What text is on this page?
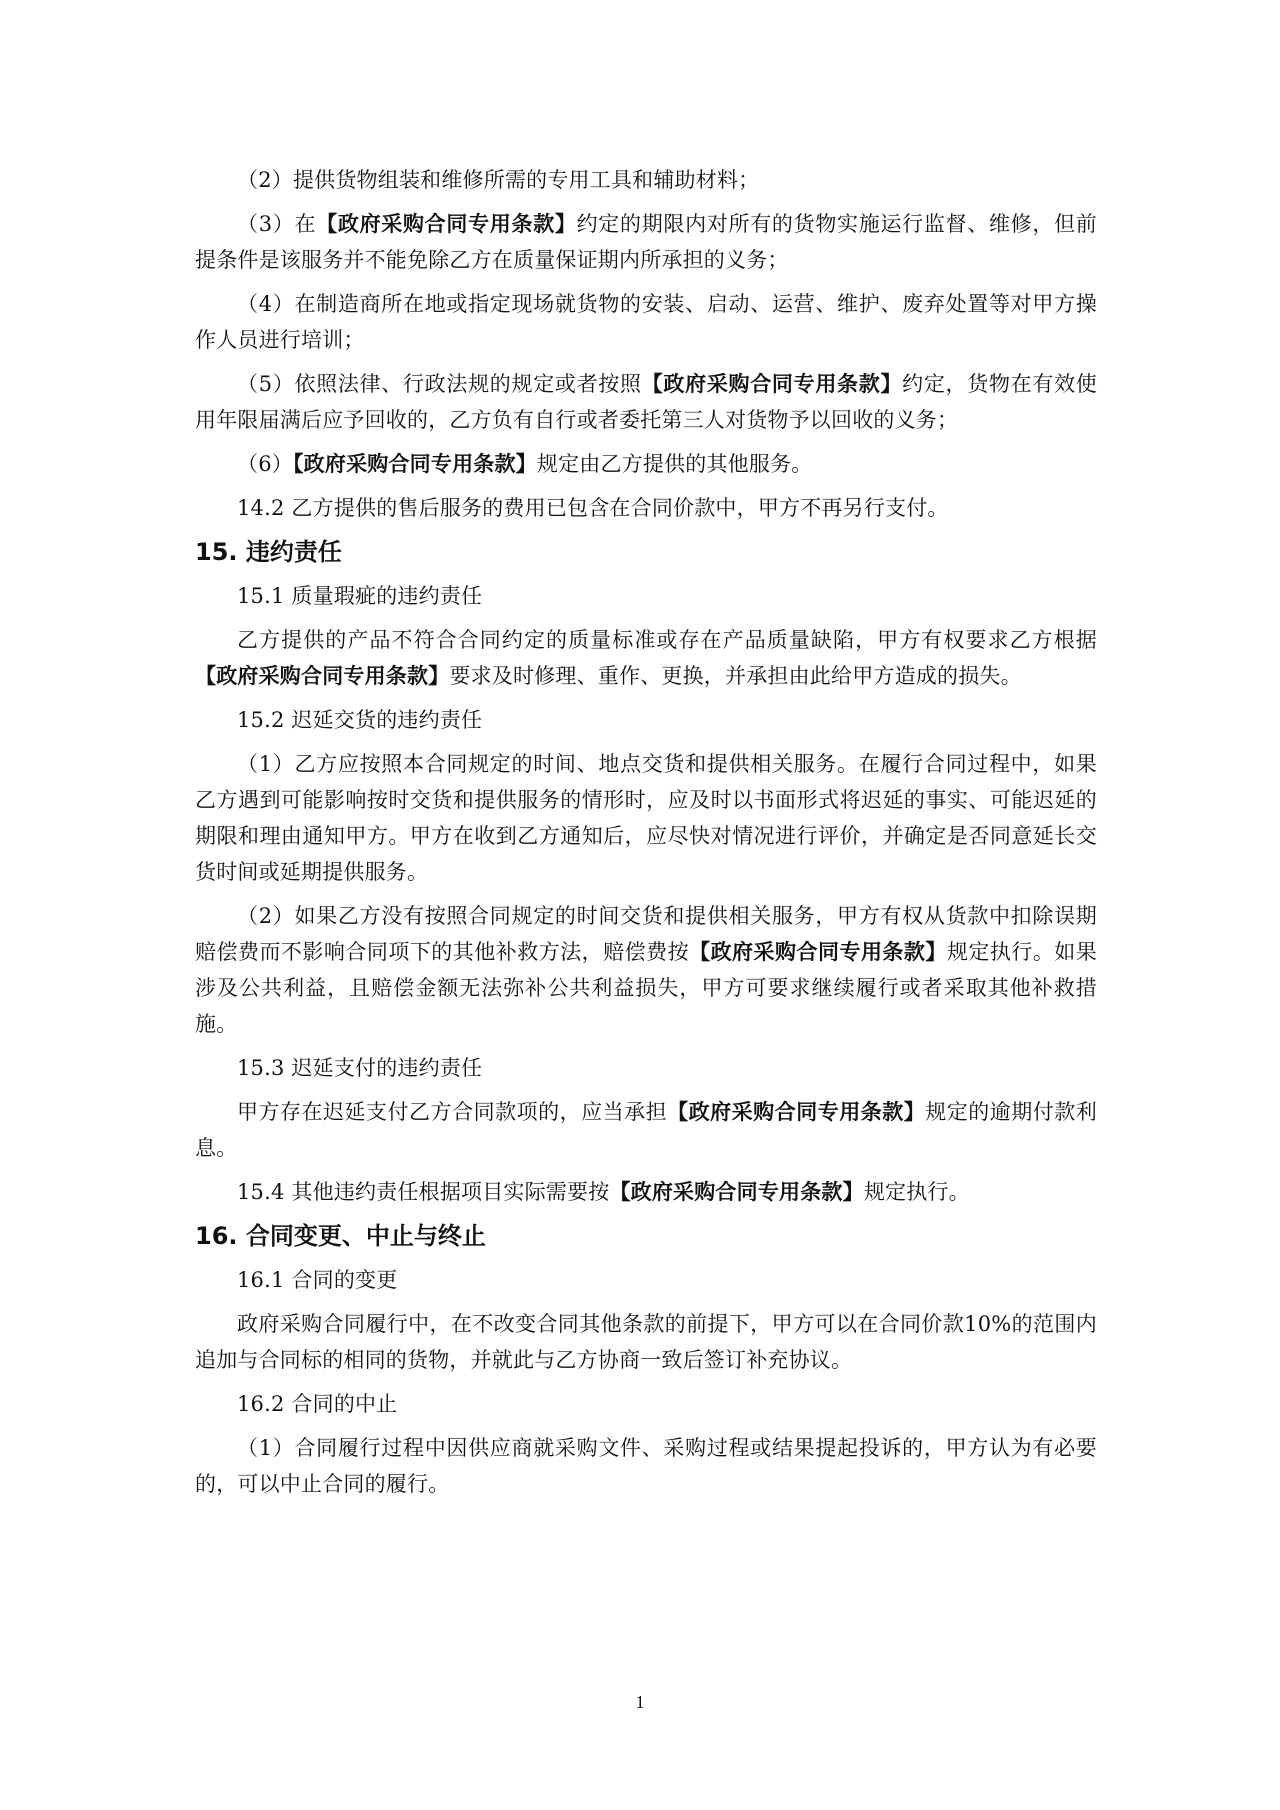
（2）提供货物组装和维修所需的专用工具和辅助材料；
（3）在【政府采购合同专用条款】约定的期限内对所有的货物实施运行监督、维修，但前提条件是该服务并不能免除乙方在质量保证期内所承担的义务；
（4）在制造商所在地或指定现场就货物的安装、启动、运营、维护、废弃处置等对甲方操作人员进行培训；
（5）依照法律、行政法规的规定或者按照【政府采购合同专用条款】约定，货物在有效使用年限届满后应予回收的，乙方负有自行或者委托第三人对货物予以回收的义务；
（6）【政府采购合同专用条款】规定由乙方提供的其他服务。
14.2 乙方提供的售后服务的费用已包含在合同价款中，甲方不再另行支付。
15. 违约责任
15.1 质量瑕疵的违约责任
乙方提供的产品不符合合同约定的质量标准或存在产品质量缺陷，甲方有权要求乙方根据【政府采购合同专用条款】要求及时修理、重作、更换，并承担由此给甲方造成的损失。
15.2 迟延交货的违约责任
（1）乙方应按照本合同规定的时间、地点交货和提供相关服务。在履行合同过程中，如果乙方遇到可能影响按时交货和提供服务的情形时，应及时以书面形式将迟延的事实、可能迟延的期限和理由通知甲方。甲方在收到乙方通知后，应尽快对情况进行评价，并确定是否同意延长交货时间或延期提供服务。
（2）如果乙方没有按照合同规定的时间交货和提供相关服务，甲方有权从货款中扣除误期赔偿费而不影响合同项下的其他补救方法，赔偿费按【政府采购合同专用条款】规定执行。如果涉及公共利益，且赔偿金额无法弥补公共利益损失，甲方可要求继续履行或者采取其他补救措施。
15.3 迟延支付的违约责任
甲方存在迟延支付乙方合同款项的，应当承担【政府采购合同专用条款】规定的逾期付款利息。
15.4 其他违约责任根据项目实际需要按【政府采购合同专用条款】规定执行。
16. 合同变更、中止与终止
16.1 合同的变更
政府采购合同履行中，在不改变合同其他条款的前提下，甲方可以在合同价款10%的范围内追加与合同标的相同的货物，并就此与乙方协商一致后签订补充协议。
16.2 合同的中止
（1）合同履行过程中因供应商就采购文件、采购过程或结果提起投诉的，甲方认为有必要的，可以中止合同的履行。
1
